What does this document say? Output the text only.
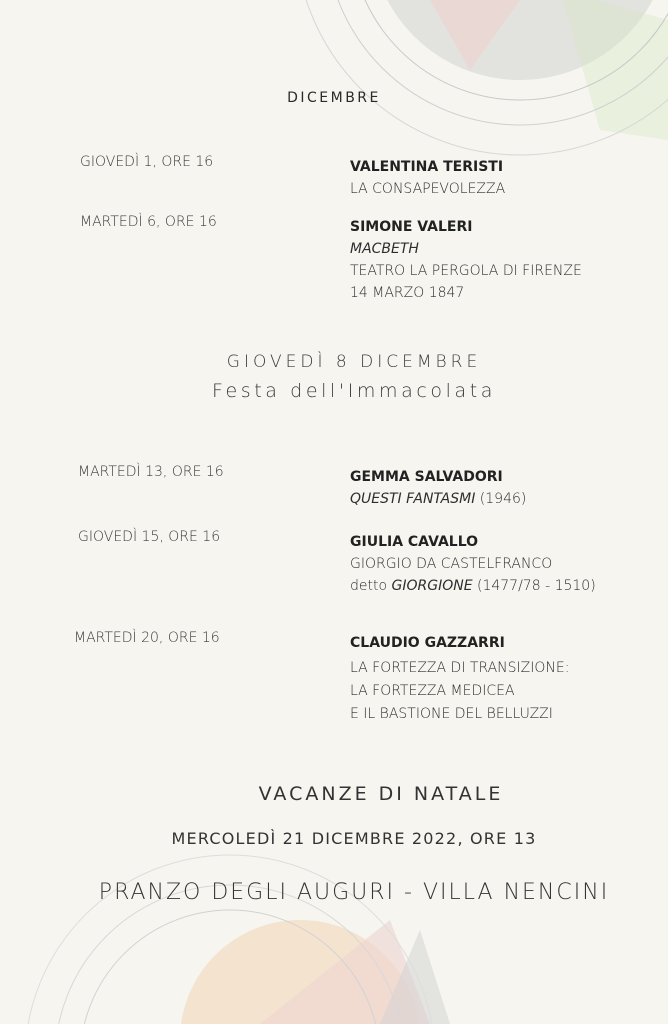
DICEMBRE
GIOVEDÌ 1, ORE 16	VALENTINA TERISTI
LA CONSAPEVOLEZZA
MARTEDÌ 6, ORE 16	SIMONE VALERI
MACBETH
TEATRO LA PERGOLA DI FIRENZE
14 MARZO 1847
GIOVEDÌ 8 DICEMBRE
Festa dell'Immacolata
MARTEDÌ 13, ORE 16	GEMMA SALVADORI
QUESTI FANTASMI (1946)
GIOVEDÌ 15, ORE 16	GIULIA CAVALLO
GIORGIO DA CASTELFRANCO
detto GIORGIONE (1477/78 - 1510)
MARTEDÌ 20, ORE 16	CLAUDIO GAZZARRI
LA FORTEZZA DI TRANSIZIONE:
LA FORTEZZA MEDICEA
E IL BASTIONE DEL BELLUZZI
VACANZE DI NATALE
MERCOLEDÌ 21 DICEMBRE 2022, ORE 13
PRANZO DEGLI AUGURI - VILLA NENCINI
